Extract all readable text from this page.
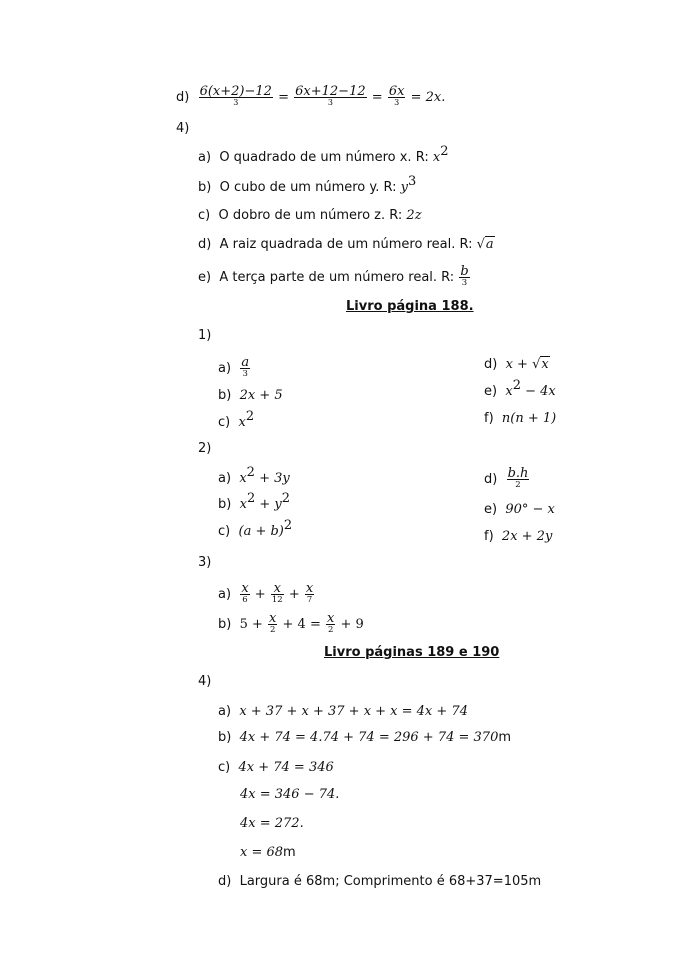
$d) \frac{6(x+2)-12}{3} = \frac{6x+12-12}{3} = \frac{6x}{3} = 2x$.
4)
a) O quadrado de um número x. R: $x^2$
b) O cubo de um número y. R: $y^3$
c) O dobro de um número z. R: 2z
d) A raiz quadrada de um número real. R: √a
e) A terça parte de um número real. R: $\frac{b}{3}$
Livro página 188.
1)
$a) \frac{a}{3}$
b) 2x + 5
c) $x^2$
d) x + √x
e) $x^2 - 4x$
f) n(n + 1)
2)
a) $x^2 + 3y$
b) $x^2 + y^2$
c) $(a + b)^2$
$d) \frac{b.h}{2}$
e) 90° − x
f) 2x + 2y
3)
$a) \frac{x}{6} + \frac{x}{12} + \frac{x}{7}$
b) $5 + \frac{x}{2} + 4 = \frac{x}{2} + 9$
Livro páginas 189 e 190
4)
a) x + 37 + x + 37 + x + x = 4x + 74
b) 4x + 74 = 4.74 + 74 = 296 + 74 = 370m
c) 4x + 74 = 346
4x = 346 − 74.
4x = 272.
x = 68m
d) Largura é 68m; Comprimento é 68+37=105m
